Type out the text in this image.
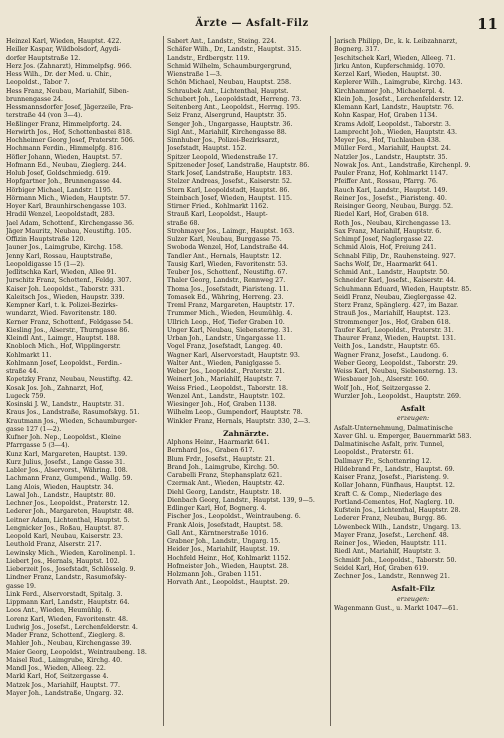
Ärzte — Asfalt-Filz	11
Heinzel Karl, Wieden, Hauptst. 422.
Heiller Kaspar, Wildbolsdorf, Ägydi-
dorfer Hauptstraße 12.
Herz Jos. (Zahnarzt), Himmelpfsg. 966.
Hess Wilh., Dr. der Med. u. Chir.,
Leopoldst., Tabor 7.
Hess Franz, Neubau, Mariahilf, Siben-
brunnengasse 24.
Hessmannsdorfer Josef, Jägerzeile, Fra-
terstraße 44 (von 3—4).
Heßlinger Franz, Himmelpfortg. 24.
Herwirth Jos., Hof, Schottenbastei 818.
Hochheimer Georg Josef, Praterstr. 506.
Hochmann Ferdin., Himmelpfg. 816.
Höfler Johann, Wieden, Hauptst. 57.
Hofmann Ed., Neubau, Zieglerg. 244.
Holub Josef, Goldschmiedg. 619.
Hopfgartner Joh., Brunnengasse 44.
Hörbiger Michael, Landstr. 1195.
Hörmann Mich., Wieden, Hauptstr. 57.
Hoyer Karl, Braunhirschengasse 103.
Hradil Wenzel, Leopoldstadt, 283.
Jael Adam, Schottenf., Kirchengasse 36.
Jäger Mauritz, Neubau, Neustiftg. 105.
Offizin Hauptstraße 120.
Jauner Jos., Laimgrube, Kirchg. 158.
Jenny Karl, Rossau, Hauptstraße,
Leopoldigasse 15 (1—2).
Jedlitschka Karl, Wieden, Allee 91.
Jurschitz Franz, Schottenf., Feldg. 307.
Kaiser Joh. Leopoldst., Taborstr. 331.
Kaleitsch Jos., Wieden, Haupstr. 339.
Kempner Karl, t. k. Polizei-Bezirks-
wundarzt, Wied. Favoritenstr. 180.
Kerner Franz, Schottenf., Feldgasse 54.
Kiesling Jos., Alserstr., Thurngasse 86.
Kleindl Ant., Laimgr., Hauptst. 188.
Knobloch Mich., Hof, Wipplingerstr.
Kohlmarkt 11.
Kohlmann Josef, Leopoldst., Ferdin.-
straße 44.
Kopetzky Franz, Neubau, Neustiftg. 42.
Kosak Jos. Joh., Zahnarzt, Hof,
Lugeck 759.
Kosinski J. W., Landstr., Hauptstr. 31.
Kraus Jos., Landstraße, Rasumofskyg. 51.
Krautmann Jos., Wieden, Schaumburger-
gasse 127 (1—2).
Kufner Joh. Nep., Leopoldst., Kleine
Pfarrgasse 5 (3—4).
Kunz Karl, Margareten, Hauptst. 139.
Kurz Julius, Josefst., Lange Gasse 31.
Labler Jos., Alservorst., Währing. 108.
Lachmann Franz, Gumpend., Wallg. 59.
Lang Alois, Wieden, Hauptstr. 34.
Lawal Joh., Landstr., Hauptstr. 80.
Lechner Jos., Leopoldst., Praterstr. 12.
Lederer Joh., Margareten, Hauptstr. 48.
Leitner Adam, Lichtenthal, Hauptst. 5.
Lengnicker Jos., Roßau, Hauptst. 87.
Leopold Karl, Neubau, Kaiserstr. 23.
Leuthold Franz, Alserstr. 217.
Lewinsky Mich., Wieden, Karolinenpl. 1.
Liebert Jos., Hernals, Hauptst. 102.
Lieberzeit Jos., Josefstadt, Schlösselg. 9.
Lindner Franz, Landstr., Rasumofsky-
gasse 19.
Link Ferd., Alservorstadt, Spitalg. 3.
Lippmann Karl, Landstr., Hauptstr. 64.
Loos Ant., Wieden, Heumühlg. 6.
Lorenz Karl, Wieden, Favoritenstr. 48.
Ludwig Jos., Josefst., Lerchenfelderstr. 4.
Mader Franz, Schottenf., Zieglerg. 8.
Mahler Joh., Neubau, Kirchengasse 39.
Maier Georg, Leopoldst., Weintraubeng. 18.
Maisel Rud., Laimgrube, Kirchg. 40.
Mandl Jos., Wieden, Alleeg. 22.
Markl Karl, Hof, Seitzergasse 4.
Matzek Jos., Mariahilf, Hauptst. 77.
Mayer Joh., Landstraße, Ungarg. 32.
Sabert Ant., Landstr., Steing. 224.
Schäfer Wilh., Dr., Landstr., Hauptst. 315.
Landstr., Erdbergstr. 119.
Schmid Wilhelm, Schaumburgergrund,
Wienstraße 1—3.
Schön Michael, Neubau, Hauptst. 258.
Schraubek Ant., Lichtenthal, Hauptst.
Schubert Joh., Leopoldstadt, Herreng. 73.
Seitenberg Ant., Leopoldst., Herrng. 195.
Seiz Franz, Alsergrund, Hauptstr. 35.
Senger Joh., Ungargasse, Hauptstr. 36.
Sigl Ant., Mariahilf, Kirchengasse 88.
Sinnhuber Jos., Polizei-Bezirksarzt,
Josefstadt, Hauptst. 152.
Spitzer Leopold, Wiedenstraße 17.
Spitzeneder Josef, Landstraße, Hauptstr. 86.
Stark Josef, Landstraße, Hauptstr. 183.
Stelzer Andreas, Josefst., Kaiserstr. 52.
Stern Karl, Leopoldstadt, Hauptst. 86.
Steinbach Josef, Wieden, Hauptst. 115.
Stirner Fried., Kohlmarkt 1162.
Strauß Karl, Leopoldst., Haupt-
straße 68.
Strohmayer Jos., Laimgr., Hauptst. 163.
Sulzer Karl, Neubau, Burggasse 75.
Swoboda Wenzel, Hof, Landstraße 44.
Tandler Ant., Hernals, Hauptstr. 12.
Tausig Karl, Wieden, Favoritenstr. 53.
Teuber Jos., Schottenf., Neustiftg. 67.
Thaler Georg, Landstr., Rennweg 27.
Thoma Jos., Josefstadt, Piaristeng. 11.
Tomasek Ed., Währing, Herreng. 23.
Treml Franz, Margareten, Hauptstr. 17.
Trummer Mich., Wieden, Heumühlg. 4.
Ullrich Leop., Hof, Tiefer Graben 10.
Unger Karl, Neubau, Siebensterng. 31.
Urban Joh., Landstr., Ungargasse 11.
Vogel Franz, Josefstadt, Langeg. 40.
Wagner Karl, Alservorstadt, Hauptstr. 93.
Walter Ant., Wieden, Paniglgasse 5.
Weber Jos., Leopoldst., Praterstr. 21.
Weinert Joh., Mariahilf, Hauptstr. 7.
Weiss Fried., Leopoldst., Taborstr. 18.
Wenzel Ant., Landstr., Hauptstr. 102.
Wiesinger Joh., Hof, Graben 1138.
Wilhelm Leop., Gumpendorf, Hauptstr. 78.
Winkler Franz, Hernals, Hauptstr. 330, 2—3.
Zahnärzte.
Alphons Heinr., Haarmarkt 641.
Bernhard Jos., Graben 617.
Blum Frdr., Josefst., Hauptstr. 21.
Brand Joh., Laimgrube, Kirchg. 50.
Carabelli Franz, Stephansplatz 621.
Czermak Ant., Wieden, Hauptstr. 42.
Diehl Georg, Landstr., Hauptstr. 18.
Dienbach Georg, Landstr., Hauptst. 139, 9—5.
Edlinger Karl, Hof, Bognerg. 4.
Fischer Jos., Leopoldst., Weintraubeng. 6.
Frank Alois, Josefstadt, Hauptst. 58.
Gall Ant., Kärntnerstraße 1016.
Grabner Joh., Landstr., Ungarg. 15.
Heider Jos., Mariahilf, Hauptst. 19.
Hochfeld Heinr., Hof, Kohlmarkt 1152.
Hofmeister Joh., Wieden, Hauptst. 28.
Holzmann Joh., Graben 1151.
Horvath Ant., Leopoldst., Hauptst. 29.
Jarisch Philipp, Dr., k. k. Leibzahnarzt,
Bognerg. 317.
Jeschitschek Karl, Wieden, Alleeg. 71.
Jirku Anton, Kupferschmidg. 1070.
Kerzel Karl, Wieden, Hauptst. 30.
Keplerer Wilh., Laimgrube, Kirchg. 143.
Kirchhammer Joh., Michaelerpl. 4.
Klein Joh., Josefst., Lerchenfelderstr. 12.
Klemann Karl, Landstr., Hauptstr. 76.
Kohn Kaspar, Hof, Graben 1134.
Krams Adolf, Leopoldst., Taborstr. 3.
Lamprecht Joh., Wieden, Hauptstr. 43.
Meyer Jos., Hof, Tuchlauben 438.
Müller Ferd., Mariahilf, Hauptst. 24.
Natzler Jos., Landstr., Hauptstr. 35.
Nowak Jos. Ant., Landstraße, Kirchenpl. 9.
Pauler Franz, Hof, Kohlmarkt 1147.
Pfeiffer Ant., Rossau, Pfarrg. 76.
Rauch Karl, Landstr., Hauptst. 149.
Reiner Jos., Josefst., Piaristeng. 40.
Reisinger Georg, Neubau, Burgg. 52.
Riedel Karl, Hof, Graben 618.
Roth Jos., Neubau, Kirchengasse 13.
Sax Franz, Mariahilf, Hauptstr. 6.
Schimpf Josef, Naglergasse 22.
Schmid Alois, Hof, Freiung 241.
Schnabl Filip, Dr., Rauhensteing. 927.
Sachs Wolf, Dr., Haarmarkt 641.
Schmid Ant., Landstr., Hauptstr. 50.
Schneider Karl, Josefst., Kaiserstr. 44.
Schuhmann Eduard, Wieden, Hauptstr. 85.
Seidl Franz, Neubau, Zieglergasse 42.
Sterz Franz, Spänglerg. 427, im Bazar.
Strauß Jos., Mariahilf, Hauptst. 123.
Strommenger Jos., Hof, Graben 618.
Taufer Karl, Leopoldst., Praterstr. 31.
Thaurer Franz, Wieden, Hauptst. 131.
Veith Jos., Landstr., Hauptstr. 65.
Wagner Franz, Josefst., Laudong. 6.
Weber Georg, Leopoldst., Taborstr. 29.
Weiss Karl, Neubau, Siebensterng. 13.
Wiesbauer Joh., Alserstr. 160.
Wolf Joh., Hof, Seitzergasse 2.
Wurzler Joh., Leopoldst., Hauptstr. 269.
Asfalt
erzeugen:
Asfalt-Unternehmung, Dalmatinische
Xaver Ghl. u. Emperger, Bauernmarkt 583.
Dalmatinische Asfalt, priv. Tunnel,
Leopoldst., Praterstr. 61.
Dallmayr Fr., Schottenring 12.
Hildebrand Fr., Landstr., Hauptst. 69.
Kaiser Franz, Josefst., Piaristeng. 9.
Kollar Johann, Fünfhaus, Hauptst. 12.
Kraft C. & Comp., Niederlage des
Portland-Cementes, Hof, Naglerg. 10.
Kufstein Jos., Lichtenthal, Hauptstr. 28.
Lederer Franz, Neubau, Burgg. 86.
Löwenbeck Wilh., Landstr., Ungarg. 13.
Mayer Franz, Josefst., Lerchenf. 48.
Reiner Jos., Wieden, Hauptstr. 111.
Riedl Ant., Mariahilf, Hauptstr. 3.
Schmidt Joh., Leopoldst., Taborstr. 50.
Seidel Karl, Hof, Graben 619.
Zechner Jos., Landstr., Rennweg 21.
Asfalt-Filz
erzeugen:
Wagenmann Gust., u. Markt 1047—61.
